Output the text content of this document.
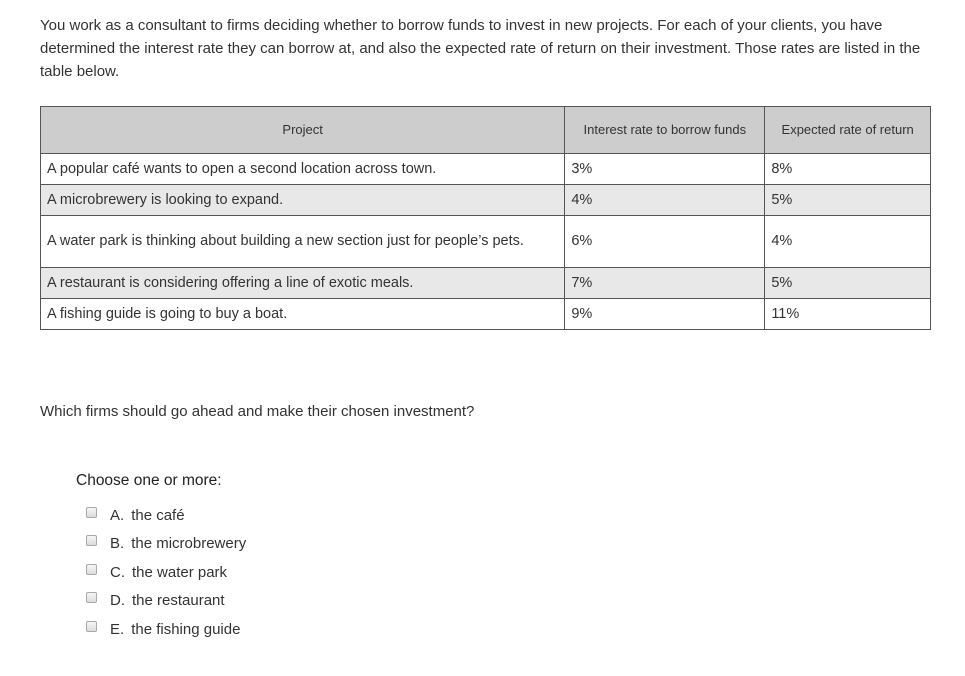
You work as a consultant to firms deciding whether to borrow funds to invest in new projects. For each of your clients, you have determined the interest rate they can borrow at, and also the expected rate of return on their investment. Those rates are listed in the table below.

Project	Interest rate to borrow funds	Expected rate of return
A popular café wants to open a second location across town.	3%	8%
A microbrewery is looking to expand.	4%	5%
A water park is thinking about building a new section just for people’s pets.	6%	4%
A restaurant is considering offering a line of exotic meals.	7%	5%
A fishing guide is going to buy a boat.	9%	11%

Which firms should go ahead and make their chosen investment?

Choose one or more:

A. the café
B. the microbrewery
C. the water park
D. the restaurant
E. the fishing guide
